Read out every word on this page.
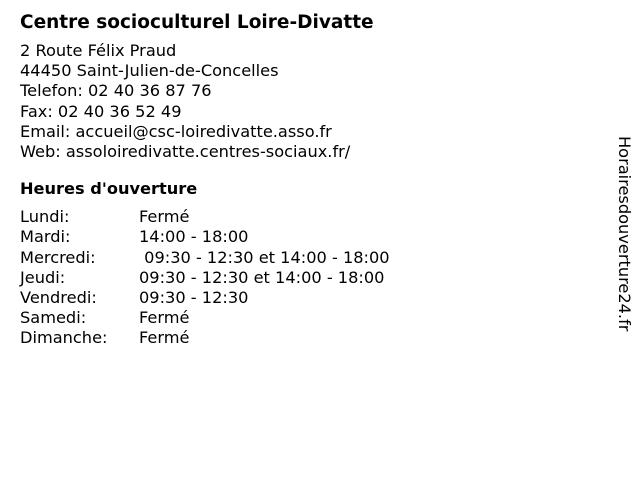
Centre socioculturel Loire-Divatte
2 Route Félix Praud
44450 Saint-Julien-de-Concelles
Telefon: 02 40 36 87 76
Fax: 02 40 36 52 49
Email: accueil@csc-loiredivatte.asso.fr
Web: assoloiredivatte.centres-sociaux.fr/
Heures d'ouverture
Lundi:	Fermé
Mardi:	14:00 - 18:00
Mercredi:	09:30 - 12:30 et 14:00 - 18:00
Jeudi:	09:30 - 12:30 et 14:00 - 18:00
Vendredi:	09:30 - 12:30
Samedi:	Fermé
Dimanche:	Fermé
Horairesdouverture24.fr
